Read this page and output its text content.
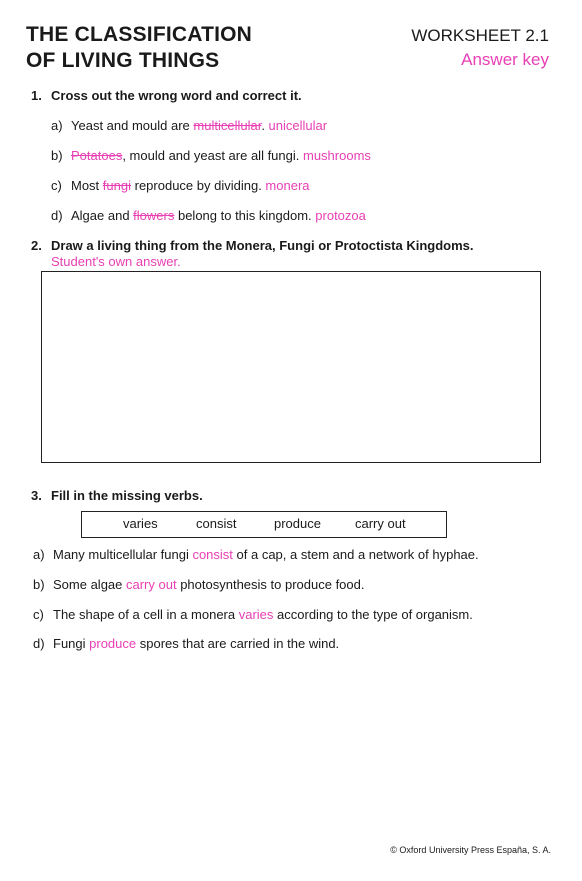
THE CLASSIFICATION
OF LIVING THINGS
WORKSHEET 2.1
Answer key
1. Cross out the wrong word and correct it.
a) Yeast and mould are multicellular. unicellular
b) Potatoes, mould and yeast are all fungi. mushrooms
c) Most fungi reproduce by dividing. monera
d) Algae and flowers belong to this kingdom. protozoa
2. Draw a living thing from the Monera, Fungi or Protoctista Kingdoms.
Student's own answer.
3. Fill in the missing verbs.
varies	consist	produce	carry out
a) Many multicellular fungi consist of a cap, a stem and a network of hyphae.
b) Some algae carry out photosynthesis to produce food.
c) The shape of a cell in a monera varies according to the type of organism.
d) Fungi produce spores that are carried in the wind.
© Oxford University Press España, S. A.
